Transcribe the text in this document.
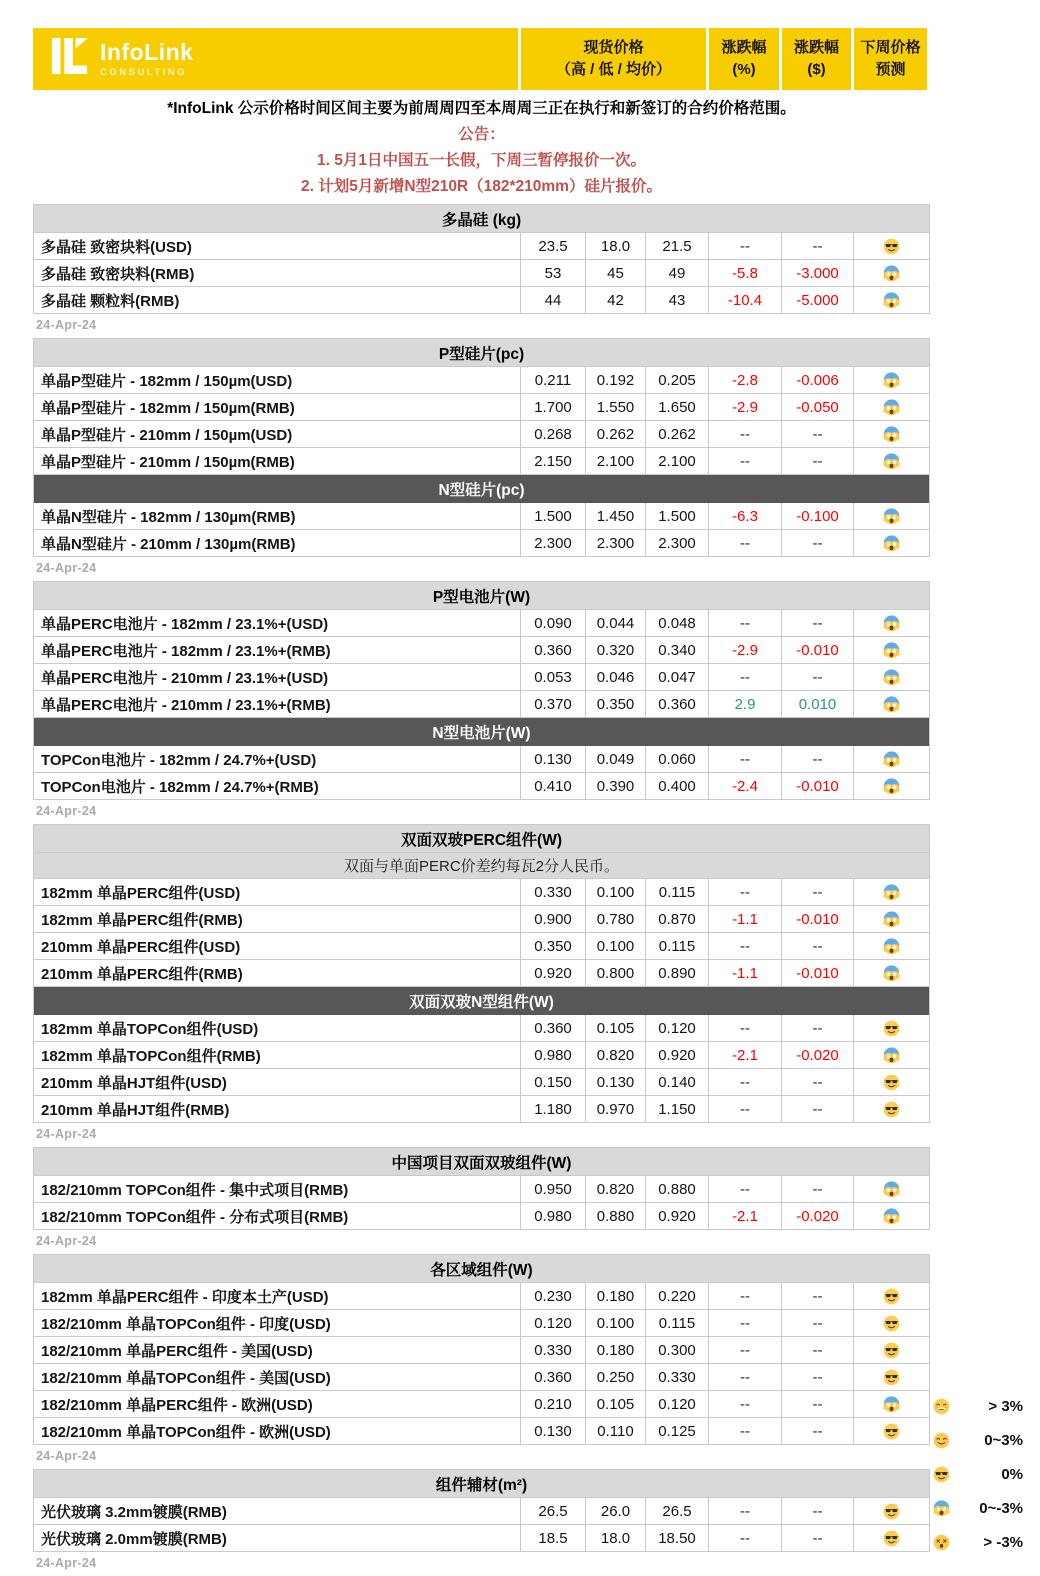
InfoLink
CONSULTING
现货价格
（高 / 低 / 均价）
涨跌幅
(%)
涨跌幅
($)
下周价格
预测
*InfoLink 公示价格时间区间主要为前周周四至本周周三正在执行和新签订的合约价格范围。
公告：
1. 5月1日中国五一长假，下周三暂停报价一次。
2. 计划5月新增N型210R（182*210mm）硅片报价。
多晶硅 (kg)
多晶硅 致密块料(USD)	23.5	18.0	21.5	--	--
多晶硅 致密块料(RMB)	53	45	49	-5.8	-3.000
多晶硅 颗粒料(RMB)	44	42	43	-10.4	-5.000
24-Apr-24
P型硅片(pc)
单晶P型硅片 - 182mm / 150µm(USD)	0.211	0.192	0.205	-2.8	-0.006
单晶P型硅片 - 182mm / 150µm(RMB)	1.700	1.550	1.650	-2.9	-0.050
单晶P型硅片 - 210mm / 150µm(USD)	0.268	0.262	0.262	--	--
单晶P型硅片 - 210mm / 150µm(RMB)	2.150	2.100	2.100	--	--
N型硅片(pc)
单晶N型硅片 - 182mm / 130µm(RMB)	1.500	1.450	1.500	-6.3	-0.100
单晶N型硅片 - 210mm / 130µm(RMB)	2.300	2.300	2.300	--	--
24-Apr-24
P型电池片(W)
单晶PERC电池片 - 182mm / 23.1%+(USD)	0.090	0.044	0.048	--	--
单晶PERC电池片 - 182mm / 23.1%+(RMB)	0.360	0.320	0.340	-2.9	-0.010
单晶PERC电池片 - 210mm / 23.1%+(USD)	0.053	0.046	0.047	--	--
单晶PERC电池片 - 210mm / 23.1%+(RMB)	0.370	0.350	0.360	2.9	0.010
N型电池片(W)
TOPCon电池片 - 182mm / 24.7%+(USD)	0.130	0.049	0.060	--	--
TOPCon电池片 - 182mm / 24.7%+(RMB)	0.410	0.390	0.400	-2.4	-0.010
24-Apr-24
双面双玻PERC组件(W)
双面与单面PERC价差约每瓦2分人民币。
182mm 单晶PERC组件(USD)	0.330	0.100	0.115	--	--
182mm 单晶PERC组件(RMB)	0.900	0.780	0.870	-1.1	-0.010
210mm 单晶PERC组件(USD)	0.350	0.100	0.115	--	--
210mm 单晶PERC组件(RMB)	0.920	0.800	0.890	-1.1	-0.010
双面双玻N型组件(W)
182mm 单晶TOPCon组件(USD)	0.360	0.105	0.120	--	--
182mm 单晶TOPCon组件(RMB)	0.980	0.820	0.920	-2.1	-0.020
210mm 单晶HJT组件(USD)	0.150	0.130	0.140	--	--
210mm 单晶HJT组件(RMB)	1.180	0.970	1.150	--	--
24-Apr-24
中国项目双面双玻组件(W)
182/210mm TOPCon组件 - 集中式项目(RMB)	0.950	0.820	0.880	--	--
182/210mm TOPCon组件 - 分布式项目(RMB)	0.980	0.880	0.920	-2.1	-0.020
24-Apr-24
各区域组件(W)
182mm 单晶PERC组件 - 印度本土产(USD)	0.230	0.180	0.220	--	--
182/210mm 单晶TOPCon组件 - 印度(USD)	0.120	0.100	0.115	--	--
182/210mm 单晶PERC组件 - 美国(USD)	0.330	0.180	0.300	--	--
182/210mm 单晶TOPCon组件 - 美国(USD)	0.360	0.250	0.330	--	--
182/210mm 单晶PERC组件 - 欧洲(USD)	0.210	0.105	0.120	--	--
182/210mm 单晶TOPCon组件 - 欧洲(USD)	0.130	0.110	0.125	--	--
24-Apr-24
组件辅材(m²)
光伏玻璃 3.2mm镀膜(RMB)	26.5	26.0	26.5	--	--
光伏玻璃 2.0mm镀膜(RMB)	18.5	18.0	18.50	--	--
24-Apr-24
> 3%
0~3%
0%
0~-3%
> -3%
